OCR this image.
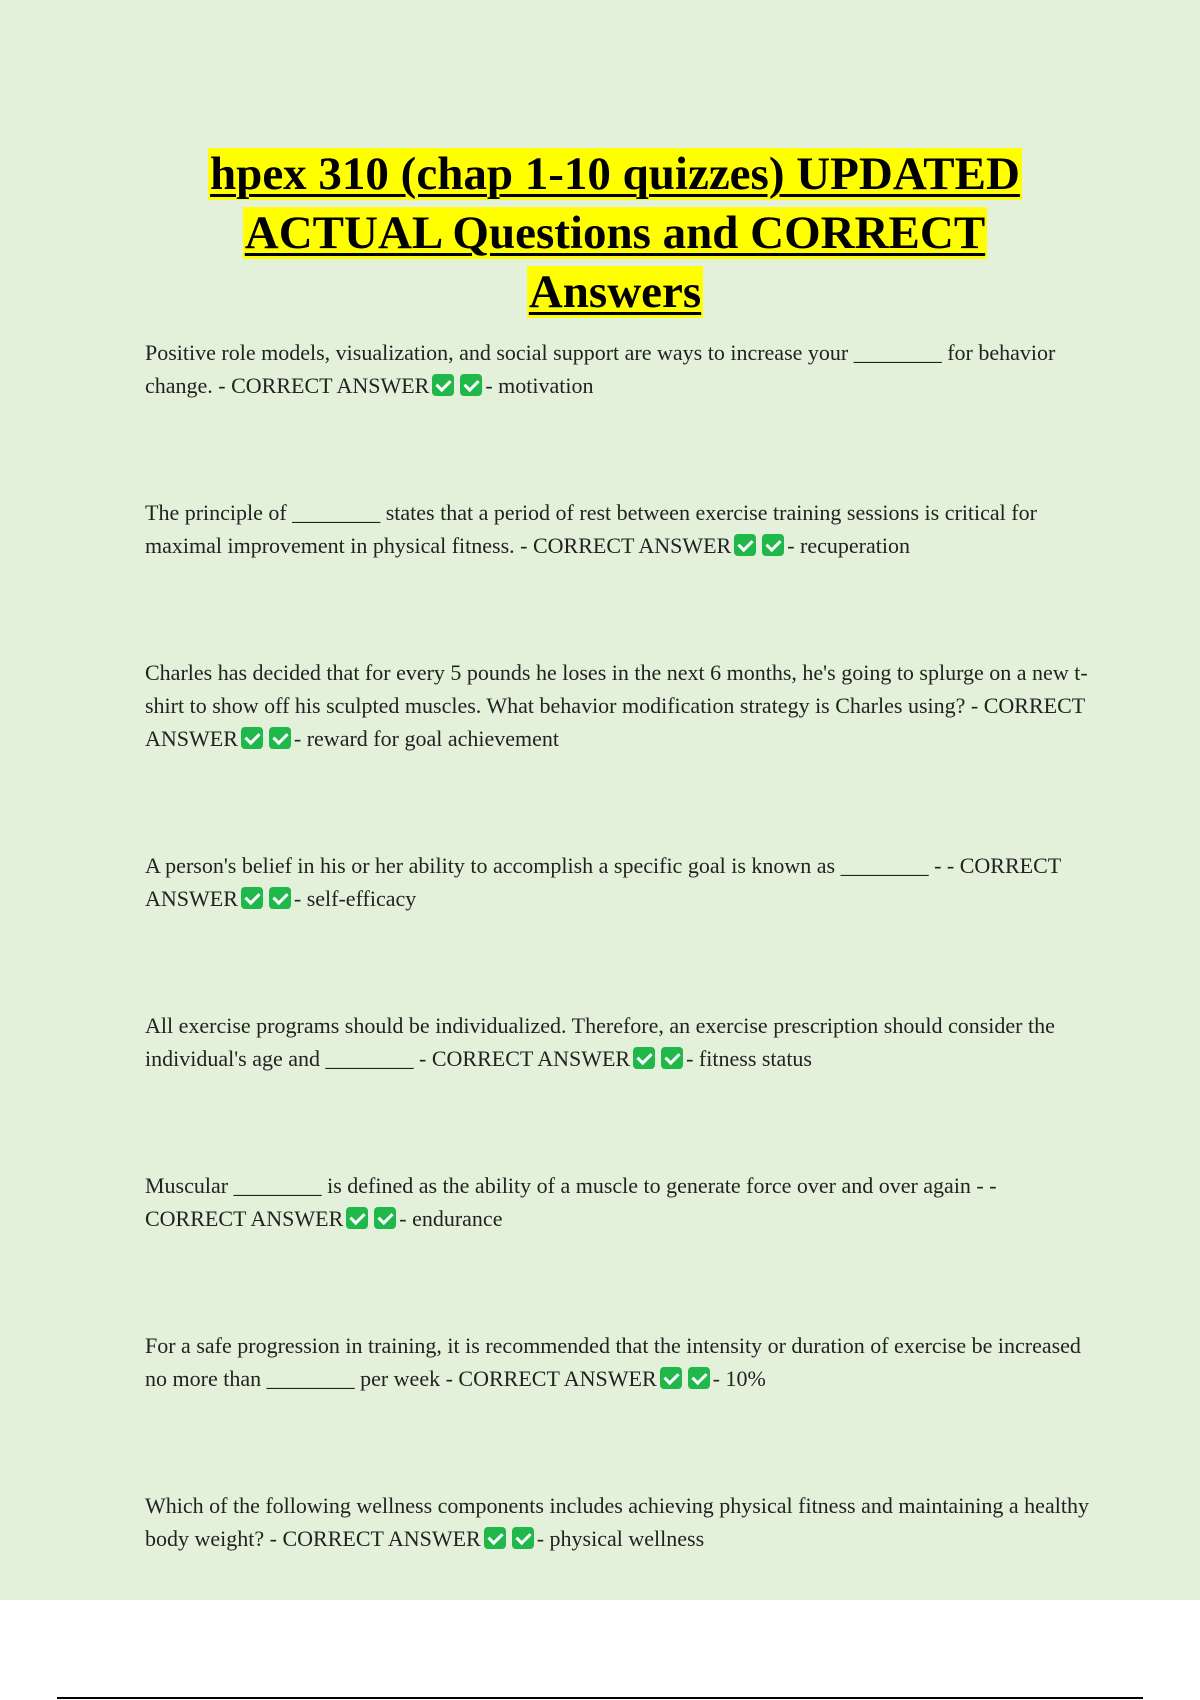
hpex 310 (chap 1-10 quizzes) UPDATED
ACTUAL Questions and CORRECT
Answers

Positive role models, visualization, and social support are ways to increase your ________ for behavior change. - CORRECT ANSWER	- motivation

The principle of ________ states that a period of rest between exercise training sessions is critical for maximal improvement in physical fitness. - CORRECT ANSWER	- recuperation

Charles has decided that for every 5 pounds he loses in the next 6 months, he's going to splurge on a new t-shirt to show off his sculpted muscles. What behavior modification strategy is Charles using? - CORRECT ANSWER	- reward for goal achievement

A person's belief in his or her ability to accomplish a specific goal is known as ________ - - CORRECT ANSWER	- self-efficacy

All exercise programs should be individualized. Therefore, an exercise prescription should consider the individual's age and ________ - CORRECT ANSWER	- fitness status

Muscular ________ is defined as the ability of a muscle to generate force over and over again - - CORRECT ANSWER	- endurance

For a safe progression in training, it is recommended that the intensity or duration of exercise be increased no more than ________ per week - CORRECT ANSWER	- 10%

Which of the following wellness components includes achieving physical fitness and maintaining a healthy body weight? - CORRECT ANSWER	- physical wellness
